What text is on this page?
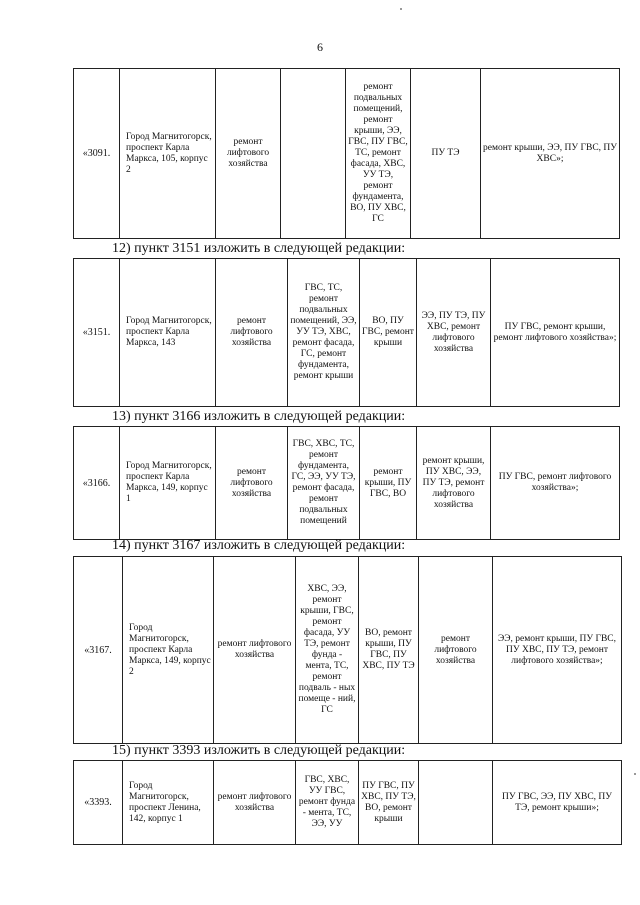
6
«3091.	Город Магнитогорск, проспект Карла Маркса, 105, корпус 2	ремонт лифтового хозяйства		ремонт подвальных помещений, ремонт крыши, ЭЭ, ГВС, ПУ ГВС, ТС, ремонт фасада, ХВС, УУ ТЭ, ремонт фундамента, ВО, ПУ ХВС, ГС	ПУ ТЭ	ремонт крыши, ЭЭ, ПУ ГВС, ПУ ХВС»;
12) пункт 3151 изложить в следующей редакции:
«3151.	Город Магнитогорск, проспект Карла Маркса, 143	ремонт лифтового хозяйства	ГВС, ТС, ремонт подвальных помещений, ЭЭ, УУ ТЭ, ХВС, ремонт фасада, ГС, ремонт фундамента, ремонт крыши	ВО, ПУ ГВС, ремонт крыши	ЭЭ, ПУ ТЭ, ПУ ХВС, ремонт лифтового хозяйства	ПУ ГВС, ремонт крыши, ремонт лифтового хозяйства»;
13) пункт 3166 изложить в следующей редакции:
«3166.	Город Магнитогорск, проспект Карла Маркса, 149, корпус 1	ремонт лифтового хозяйства	ГВС, ХВС, ТС, ремонт фундамента, ГС, ЭЭ, УУ ТЭ, ремонт фасада, ремонт подвальных помещений	ремонт крыши, ПУ ГВС, ВО	ремонт крыши, ПУ ХВС, ЭЭ, ПУ ТЭ, ремонт лифтового хозяйства	ПУ ГВС, ремонт лифтового хозяйства»;
14) пункт 3167 изложить в следующей редакции:
«3167.	Город Магнитогорск, проспект Карла Маркса, 149, корпус 2	ремонт лифтового хозяйства	ХВС, ЭЭ, ремонт крыши, ГВС, ремонт фасада, УУ ТЭ, ремонт фунда - мента, ТС, ремонт подваль - ных помеще - ний, ГС	ВО, ремонт крыши, ПУ ГВС, ПУ ХВС, ПУ ТЭ	ремонт лифтового хозяйства	ЭЭ, ремонт крыши, ПУ ГВС, ПУ ХВС, ПУ ТЭ, ремонт лифтового хозяйства»;
15) пункт 3393 изложить в следующей редакции:
«3393.	Город Магнитогорск, проспект Ленина, 142, корпус 1	ремонт лифтового хозяйства	ГВС, ХВС, УУ ГВС, ремонт фунда - мента, ТС, ЭЭ, УУ	ПУ ГВС, ПУ ХВС, ПУ ТЭ, ВО, ремонт крыши		ПУ ГВС, ЭЭ, ПУ ХВС, ПУ ТЭ, ремонт крыши»;
